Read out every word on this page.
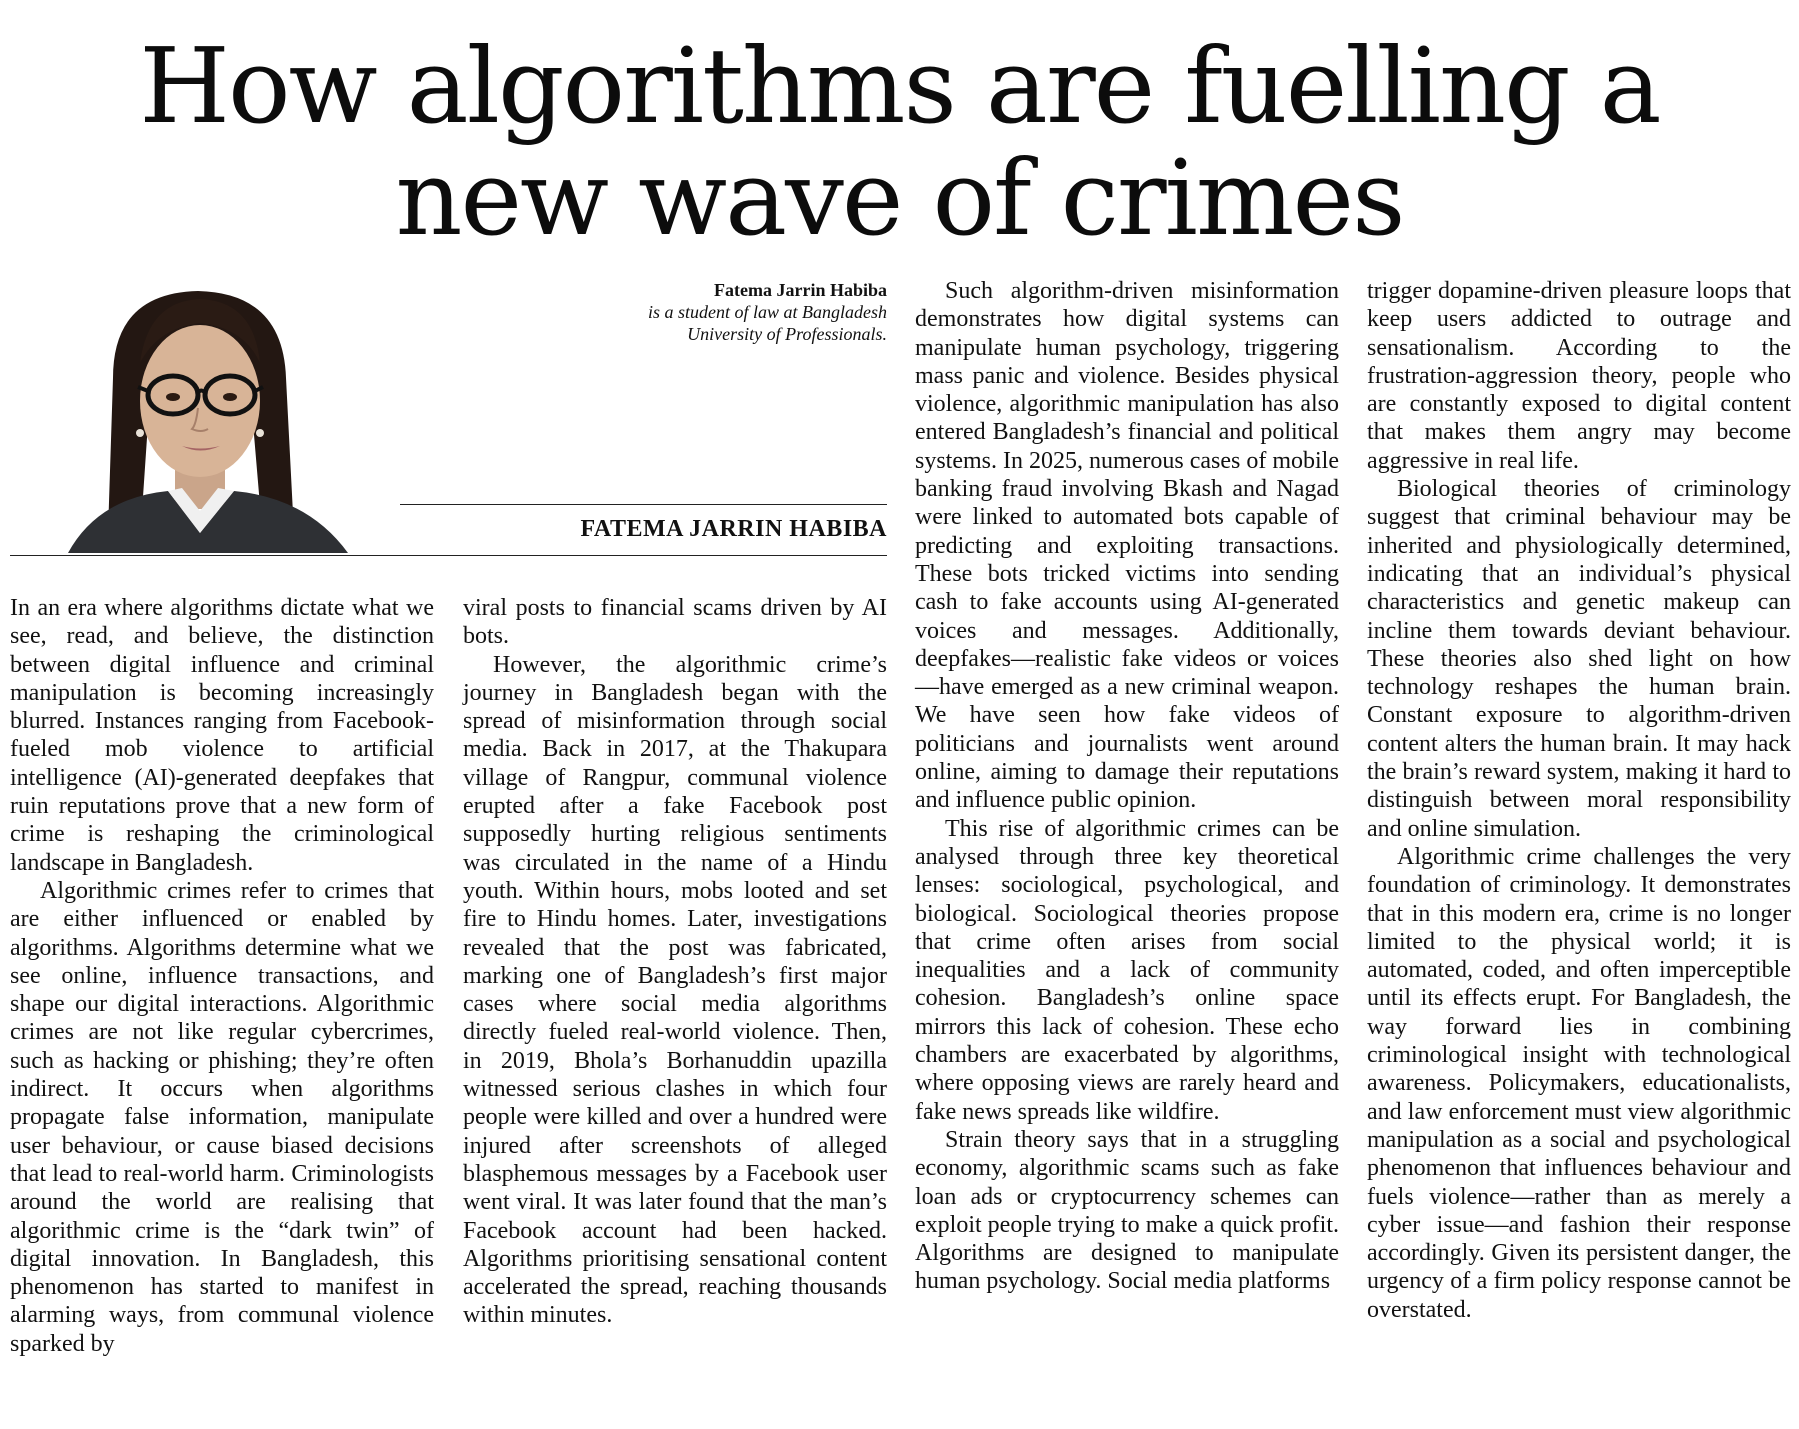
How algorithms are fuelling a
new wave of crimes
Fatema Jarrin Habiba
is a student of law at Bangladesh
University of Professionals.
FATEMA JARRIN HABIBA

In an era where algorithms dictate what we see, read, and believe, the distinction between digital influence and criminal manipulation is becoming increasingly blurred. Instances ranging from Facebook-fueled mob violence to artificial intelligence (AI)-generated deepfakes that ruin reputations prove that a new form of crime is reshaping the criminological landscape in Bangladesh.

Algorithmic crimes refer to crimes that are either influenced or enabled by algorithms. Algorithms determine what we see online, influence transactions, and shape our digital interactions. Algorithmic crimes are not like regular cybercrimes, such as hacking or phishing; they’re often indirect. It occurs when algorithms propagate false information, manipulate user behaviour, or cause biased decisions that lead to real-world harm. Criminologists around the world are realising that algorithmic crime is the “dark twin” of digital innovation. In Bangladesh, this phenomenon has started to manifest in alarming ways, from communal violence sparked by

viral posts to financial scams driven by AI bots.

However, the algorithmic crime’s journey in Bangladesh began with the spread of misinformation through social media. Back in 2017, at the Thakupara village of Rangpur, communal violence erupted after a fake Facebook post supposedly hurting religious sentiments was circulated in the name of a Hindu youth. Within hours, mobs looted and set fire to Hindu homes. Later, investigations revealed that the post was fabricated, marking one of Bangladesh’s first major cases where social media algorithms directly fueled real-world violence. Then, in 2019, Bhola’s Borhanuddin upazilla witnessed serious clashes in which four people were killed and over a hundred were injured after screenshots of alleged blasphemous messages by a Facebook user went viral. It was later found that the man’s Facebook account had been hacked. Algorithms prioritising sensational content accelerated the spread, reaching thousands within minutes.

Such algorithm-driven misinformation demonstrates how digital systems can manipulate human psychology, triggering mass panic and violence. Besides physical violence, algorithmic manipulation has also entered Bangladesh’s financial and political systems. In 2025, numerous cases of mobile banking fraud involving Bkash and Nagad were linked to automated bots capable of predicting and exploiting transactions. These bots tricked victims into sending cash to fake accounts using AI-generated voices and messages. Additionally, deepfakes—realistic fake videos or voices—have emerged as a new criminal weapon. We have seen how fake videos of politicians and journalists went around online, aiming to damage their reputations and influence public opinion.

This rise of algorithmic crimes can be analysed through three key theoretical lenses: sociological, psychological, and biological. Sociological theories propose that crime often arises from social inequalities and a lack of community cohesion. Bangladesh’s online space mirrors this lack of cohesion. These echo chambers are exacerbated by algorithms, where opposing views are rarely heard and fake news spreads like wildfire.

Strain theory says that in a struggling economy, algorithmic scams such as fake loan ads or cryptocurrency schemes can exploit people trying to make a quick profit. Algorithms are designed to manipulate human psychology. Social media platforms

trigger dopamine-driven pleasure loops that keep users addicted to outrage and sensationalism. According to the frustration-aggression theory, people who are constantly exposed to digital content that makes them angry may become aggressive in real life.

Biological theories of criminology suggest that criminal behaviour may be inherited and physiologically determined, indicating that an individual’s physical characteristics and genetic makeup can incline them towards deviant behaviour. These theories also shed light on how technology reshapes the human brain. Constant exposure to algorithm-driven content alters the human brain. It may hack the brain’s reward system, making it hard to distinguish between moral responsibility and online simulation.

Algorithmic crime challenges the very foundation of criminology. It demonstrates that in this modern era, crime is no longer limited to the physical world; it is automated, coded, and often imperceptible until its effects erupt. For Bangladesh, the way forward lies in combining criminological insight with technological awareness. Policymakers, educationalists, and law enforcement must view algorithmic manipulation as a social and psychological phenomenon that influences behaviour and fuels violence—rather than as merely a cyber issue—and fashion their response accordingly. Given its persistent danger, the urgency of a firm policy response cannot be overstated.
